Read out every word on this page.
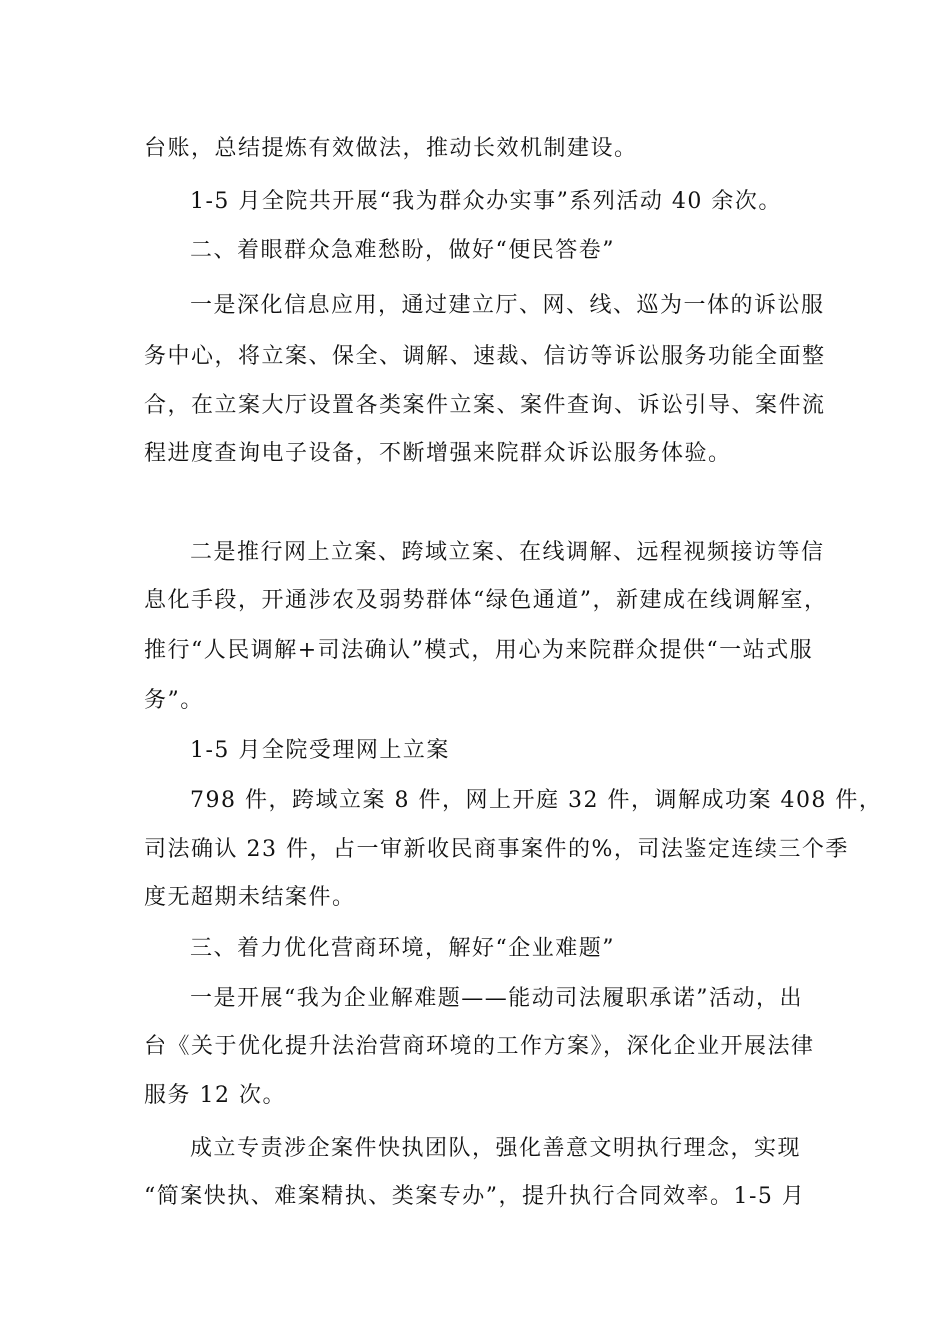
台账，总结提炼有效做法，推动长效机制建设。
1-5 月全院共开展“我为群众办实事”系列活动 40 余次。
二、着眼群众急难愁盼，做好“便民答卷”
一是深化信息应用，通过建立厅、网、线、巡为一体的诉讼服
务中心，将立案、保全、调解、速裁、信访等诉讼服务功能全面整
合，在立案大厅设置各类案件立案、案件查询、诉讼引导、案件流
程进度查询电子设备，不断增强来院群众诉讼服务体验。
二是推行网上立案、跨域立案、在线调解、远程视频接访等信
息化手段，开通涉农及弱势群体“绿色通道”，新建成在线调解室，
推行“人民调解+司法确认”模式，用心为来院群众提供“一站式服
务”。
1-5 月全院受理网上立案
798 件，跨域立案 8 件，网上开庭 32 件，调解成功案 408 件，
司法确认 23 件，占一审新收民商事案件的%，司法鉴定连续三个季
度无超期未结案件。
三、着力优化营商环境，解好“企业难题”
一是开展“我为企业解难题——能动司法履职承诺”活动，出
台《关于优化提升法治营商环境的工作方案》，深化企业开展法律
服务 12 次。
成立专责涉企案件快执团队，强化善意文明执行理念，实现
“简案快执、难案精执、类案专办”，提升执行合同效率。1-5 月
